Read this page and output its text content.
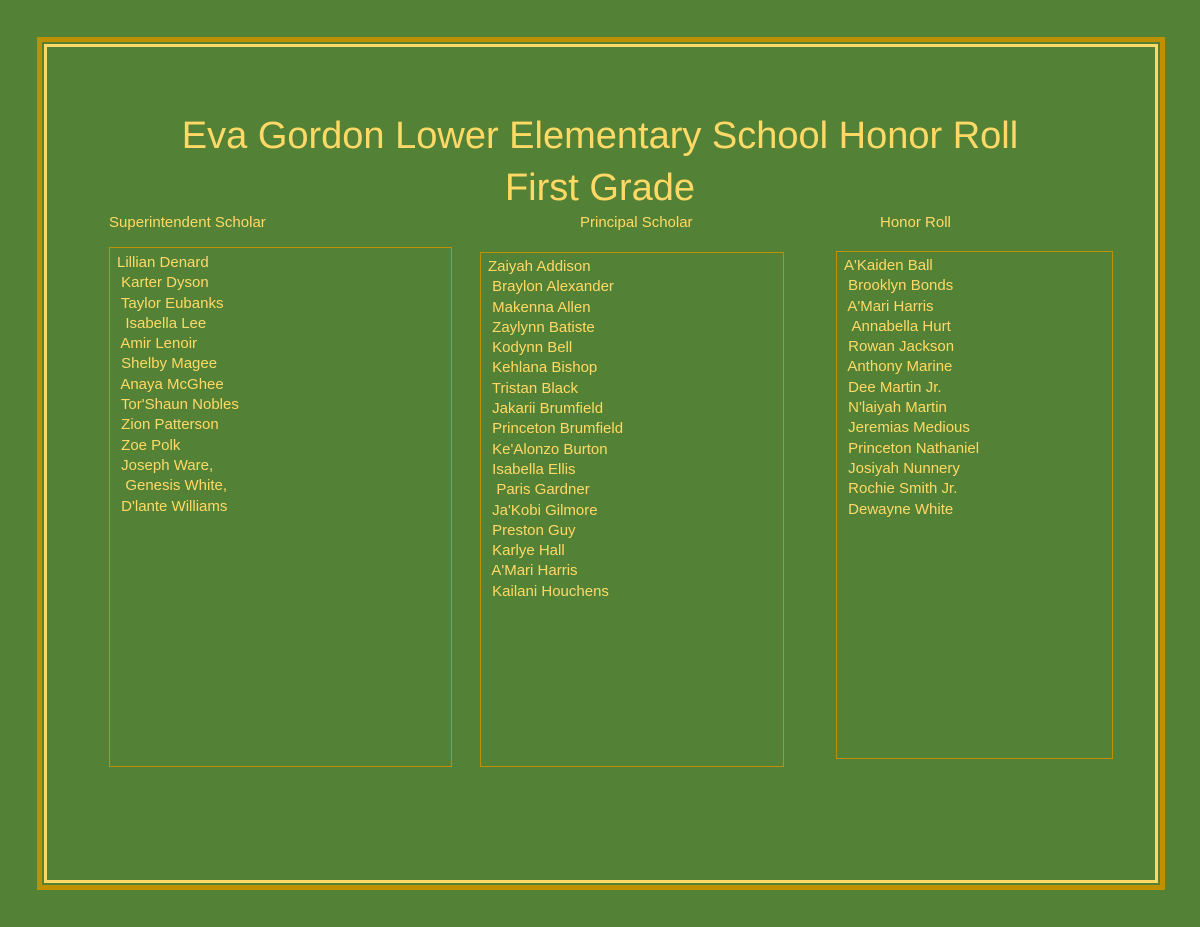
Eva Gordon Lower Elementary School Honor Roll
First Grade
Superintendent Scholar
Lillian Denard
Karter Dyson
Taylor Eubanks
Isabella Lee
Amir Lenoir
Shelby Magee
Anaya McGhee
Tor'Shaun Nobles
Zion Patterson
Zoe Polk
Joseph Ware,
Genesis White,
D'lante Williams
Principal Scholar
Zaiyah Addison
Braylon Alexander
Makenna Allen
Zaylynn Batiste
Kodynn Bell
Kehlana Bishop
Tristan Black
Jakarii Brumfield
Princeton Brumfield
Ke'Alonzo Burton
Isabella Ellis
Paris Gardner
Ja'Kobi Gilmore
Preston Guy
Karlye Hall
A'Mari Harris
Kailani Houchens
Honor Roll
A'Kaiden Ball
Brooklyn Bonds
A'Mari Harris
Annabella Hurt
Rowan Jackson
Anthony Marine
Dee Martin Jr.
N'laiyah Martin
Jeremias Medious
Princeton Nathaniel
Josiyah Nunnery
Rochie Smith Jr.
Dewayne White
